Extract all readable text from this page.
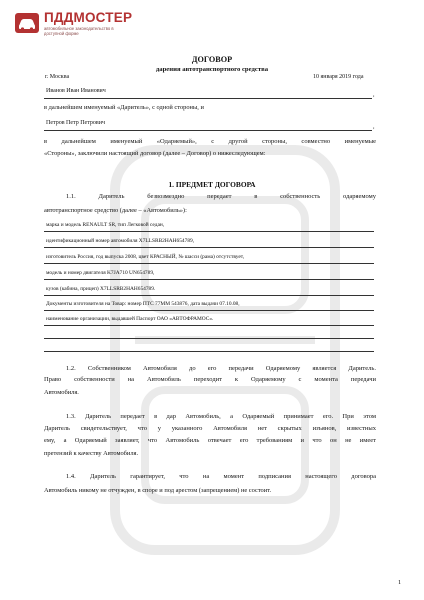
ПДДМОСТЕР
автомобильное законодательство в доступной форме
ДОГОВОР
дарения автотранспортного средства
г. Москва	10 января 2019 года
Иванов Иван Иванович
,
в дальнейшем именуемый «Даритель», с одной стороны, и
Петров Петр Петрович
,
в дальнейшем именуемый «Одаряемый», с другой стороны, совместно именуемые
«Стороны», заключили настоящий договор (далее – Договор) о нижеследующем:
1. ПРЕДМЕТ ДОГОВОРА
1.1. Даритель безвозмездно передает в собственность одаряемому
автотранспортное средство (далее – «Автомобиль»):
марка и модель RENAULT SR, тип Легковой седан,
идентификационный номер автомобиля X7LLSRB2HAH654789,
изготовитель Россия, год выпуска 2008, цвет КРАСНЫЙ, № шасси (рама) отсутствует,
модель и номер двигателя K7JA710 UN654789,
кузов (кабина, прицеп) X7LLSRB2HAH654789.
Документы изготовителя на Товар: номер ПТС 77ММ 543876, дата выдачи 07.10.08,
наименование организации, выдавшей Паспорт ОАО «АВТОФРАМОС».
1.2. Собственником Автомобиля до его передачи Одаряемому является Даритель.
Право собственности на Автомобиль переходит к Одаряемому с момента передачи
Автомобиля.
1.3. Даритель передает в дар Автомобиль, а Одаряемый принимает его. При этом
Даритель свидетельствует, что у указанного Автомобиля нет скрытых изъянов, известных
ему, а Одаряемый заявляет, что Автомобиль отвечает его требованиям и что он не имеет
претензий к качеству Автомобиля.
1.4. Даритель гарантирует, что на момент подписания настоящего договора
Автомобиль никому не отчужден, в споре и под арестом (запрещением) не состоит.
1
